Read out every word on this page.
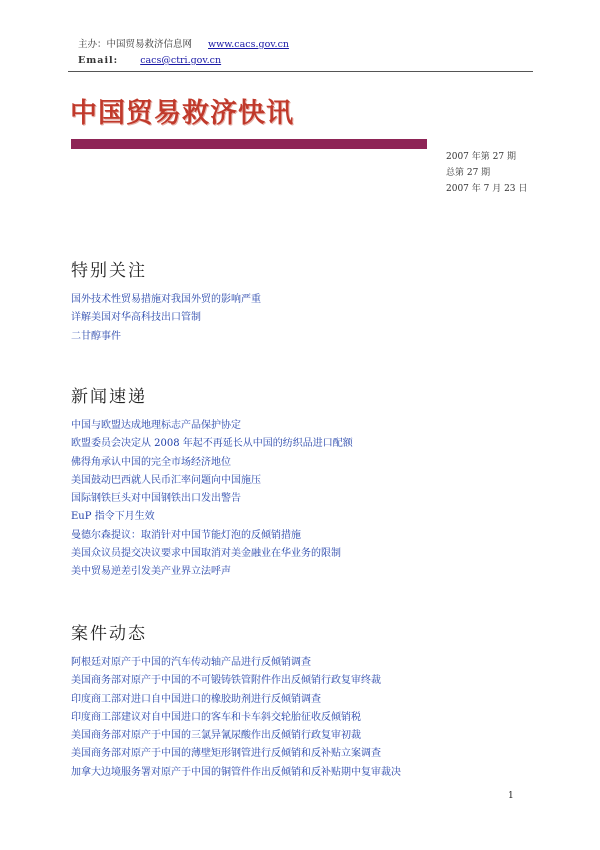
主办：中国贸易救济信息网 www.cacs.gov.cn
Email: cacs@ctri.gov.cn
中国贸易救济快讯
2007 年第 27 期
总第 27 期
2007 年 7 月 23 日
特别关注
国外技术性贸易措施对我国外贸的影响严重
详解美国对华高科技出口管制
二甘醇事件
新闻速递
中国与欧盟达成地理标志产品保护协定
欧盟委员会决定从 2008 年起不再延长从中国的纺织品进口配额
佛得角承认中国的完全市场经济地位
美国鼓动巴西就人民币汇率问题向中国施压
国际钢铁巨头对中国钢铁出口发出警告
EuP 指令下月生效
曼德尔森提议：取消针对中国节能灯泡的反倾销措施
美国众议员提交决议要求中国取消对美金融业在华业务的限制
美中贸易逆差引发美产业界立法呼声
案件动态
阿根廷对原产于中国的汽车传动轴产品进行反倾销调查
美国商务部对原产于中国的不可锻铸铁管附件作出反倾销行政复审终裁
印度商工部对进口自中国进口的橡胶助剂进行反倾销调查
印度商工部建议对自中国进口的客车和卡车斜交轮胎征收反倾销税
美国商务部对原产于中国的三氯异氰尿酸作出反倾销行政复审初裁
美国商务部对原产于中国的薄壁矩形钢管进行反倾销和反补贴立案调查
加拿大边境服务署对原产于中国的铜管件作出反倾销和反补贴期中复审裁决
1
